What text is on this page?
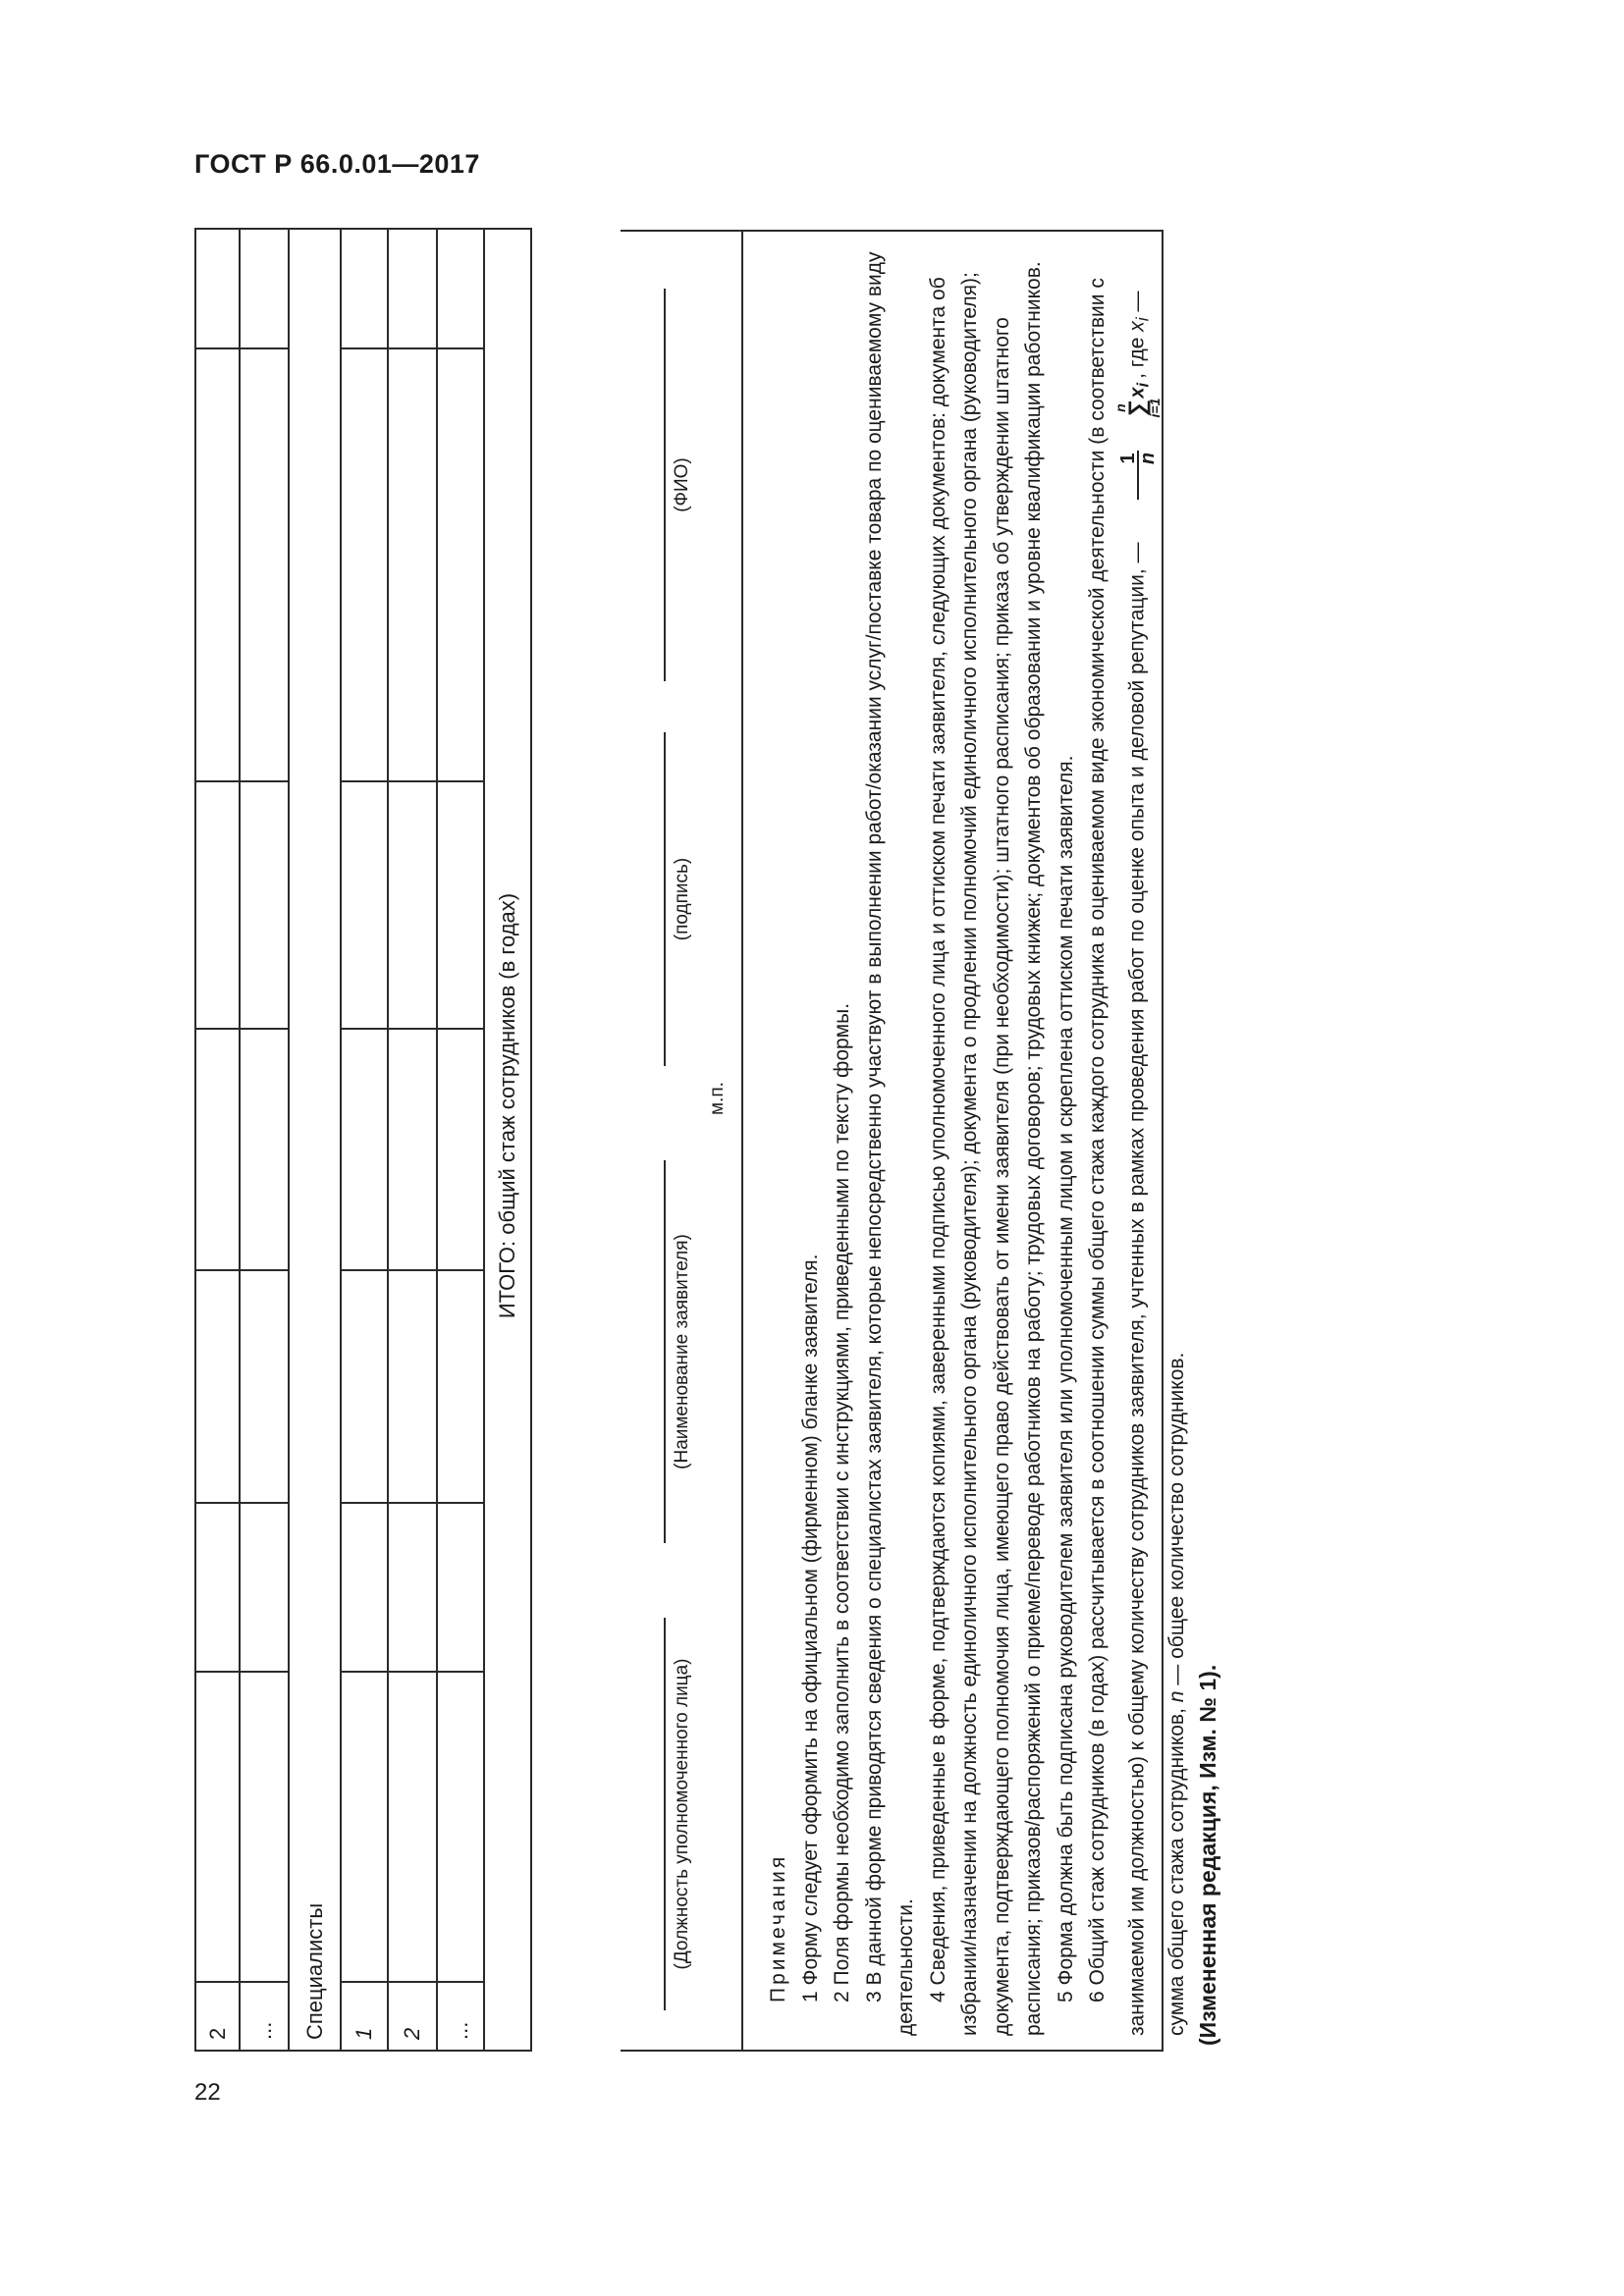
ГОСТ Р 66.0.01—2017
22
2							
...							
Специалисты							
1							
2							
...							
	ИТОГО: общий стаж сотрудников (в годах)						
(Должность уполномоченного лица)
(Наименование заявителя)
(подпись)
(ФИО)
м.п.

Примечания 1 Форму следует оформить на официальном (фирменном) бланке заявителя. 2 Поля формы необходимо заполнить в соответствии с инструкциями, приведенными по тексту формы. 3 В данной форме приводятся сведения о специалистах заявителя, которые непосредственно участвуют в выполнении работ/оказании услуг/поставке товара по оцениваемому виду деятельности. 4 Сведения, приведенные в форме, подтверждаются копиями, заверенными подписью уполномоченного лица и оттиском печати заявителя, следующих документов: документа об избрании/назначении на должность единоличного исполнительного органа (руководителя); документа о продлении полномочий единоличного исполнительного органа (руководителя); документа, подтверждающего полномочия лица, имеющего право действовать от имени заявителя (при необходимости); штатного расписания; приказа об утверждении штатного расписания; приказов/распоряжений о приеме/переводе работников на работу; трудовых договоров; трудовых книжек; документов об образовании и уровне квалификации работников. 5 Форма должна быть подписана руководителем заявителя или уполномоченным лицом и скреплена оттиском печати заявителя. 6 Общий стаж сотрудников (в годах) рассчитывается в соотношении суммы общего стажа каждого сотрудника в оцениваемом виде экономической деятельности (в соответствии с занимаемой им должностью) к общему количеству сотрудников заявителя, учтенных в рамках проведения работ по оценке опыта и деловой репутации, —
1
n
n
∑
i=1
$x_i$, где $x_i$ — сумма общего стажа сотрудников, n — общее количество сотрудников.

(Измененная редакция, Изм. № 1).
